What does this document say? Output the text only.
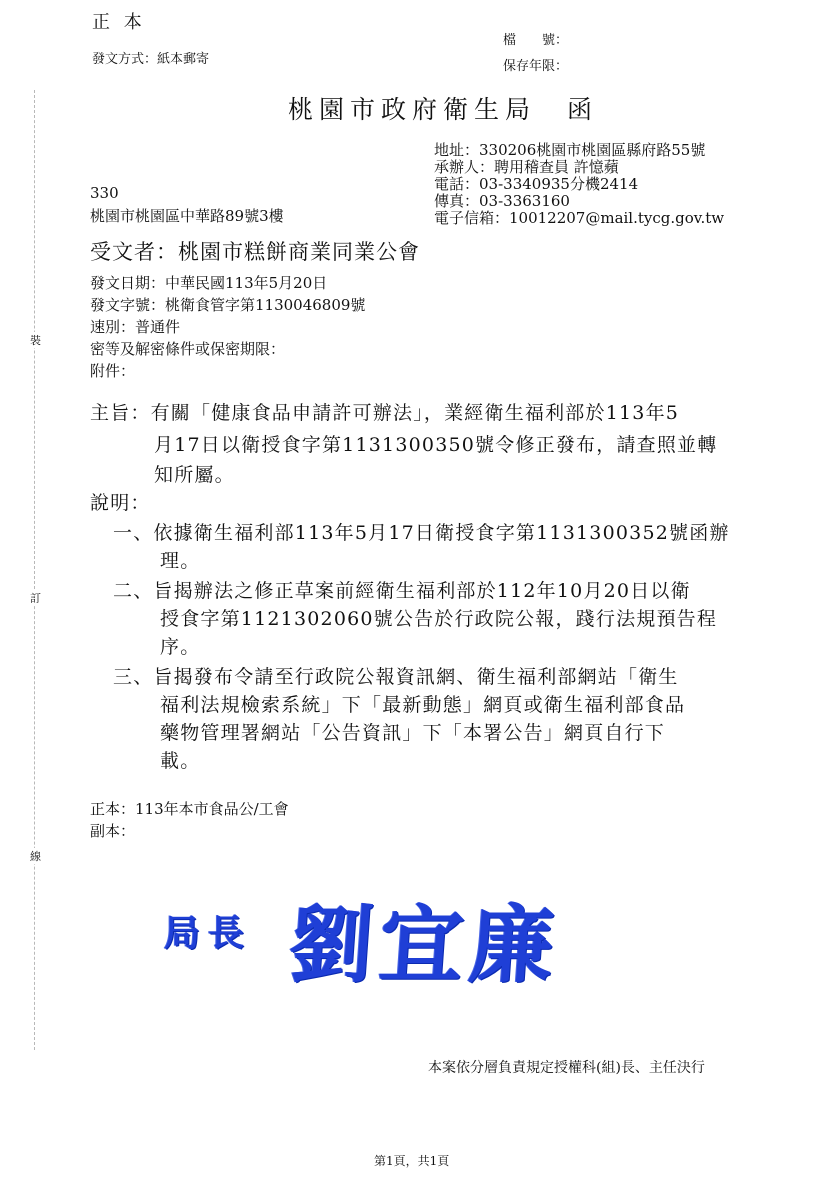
裝
訂
線
正 本
發文方式：紙本郵寄
檔　　號：
保存年限：
桃園市政府衛生局　函
地址：330206桃園市桃園區縣府路55號
承辦人：聘用稽查員 許憶蘋
電話：03-3340935分機2414
傳真：03-3363160
電子信箱：10012207@mail.tycg.gov.tw
330
桃園市桃園區中華路89號3樓
受文者：桃園市糕餅商業同業公會
發文日期：中華民國113年5月20日
發文字號：桃衛食管字第1130046809號
速別：普通件
密等及解密條件或保密期限：
附件：
主旨：有關「健康食品申請許可辦法」，業經衛生福利部於113年5
月17日以衛授食字第1131300350號令修正發布，請查照並轉
知所屬。
說明：
一、依據衛生福利部113年5月17日衛授食字第1131300352號函辦
理。
二、旨揭辦法之修正草案前經衛生福利部於112年10月20日以衛
授食字第1121302060號公告於行政院公報，踐行法規預告程
序。
三、旨揭發布令請至行政院公報資訊網、衛生福利部網站「衛生
福利法規檢索系統」下「最新動態」網頁或衛生福利部食品
藥物管理署網站「公告資訊」下「本署公告」網頁自行下
載。
正本：113年本市食品公/工會
副本：
局長 劉宜廉
本案依分層負責規定授權科(組)長、主任決行
第1頁，共1頁
